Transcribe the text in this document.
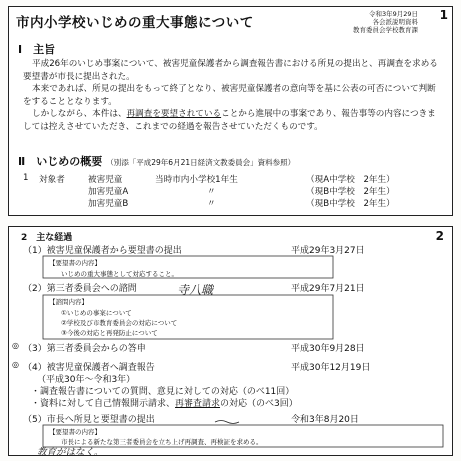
市内小学校いじめの重大事態について
令和3年9月29日
各会派説明資料
教育委員会学校教育課
1
Ⅰ　主旨
平成26年のいじめ事案について、被害児童保護者から調査報告書における所見の提出と、再調査を求める要望書が市長に提出された。
本来であれば、所見の提出をもって終了となり、被害児童保護者の意向等を基に公表の可否について判断をすることとなります。
しかしながら、本件は、再調査を要望されていることから進展中の事案であり、報告事等の内容につきましては控えさせていただき、これまでの経過を報告させていただくものです。
Ⅱ　いじめの概要 （別添「平成29年6月21日経済文教委員会」資料参照）
1 対象者	被害児童	当時市内小学校1年生	（現A中学校　2年生）
加害児童A	〃	（現B中学校　2年生）
加害児童B	〃	（現B中学校　2年生）
2　主な経過	2
（1）被害児童保護者から要望書の提出	平成29年3月27日
【要望書の内容】
いじめの重大事態として対応すること。
（2）第三者委員会への諮問	寺八職	平成29年7月21日
【諮問内容】
①いじめの事案について
②学校及び市教育委員会の対応について
③今後の対応と再発防止について
◎ （3）第三者委員会からの答申	平成30年9月28日
◎ （4）被害児童保護者へ調査報告	平成30年12月19日
（平成30年～令和3年）
・調査報告書についての質問、意見に対しての対応（のべ11回）
・資料に対して自己情報開示請求、再審査請求の対応（のべ3回）
（5）市長へ所見と要望書の提出	令和3年8月20日
【要望書の内容】
市長による新たな第三者委員会を立ち上げ再調査、再検証を求める。
教育がはなく。
